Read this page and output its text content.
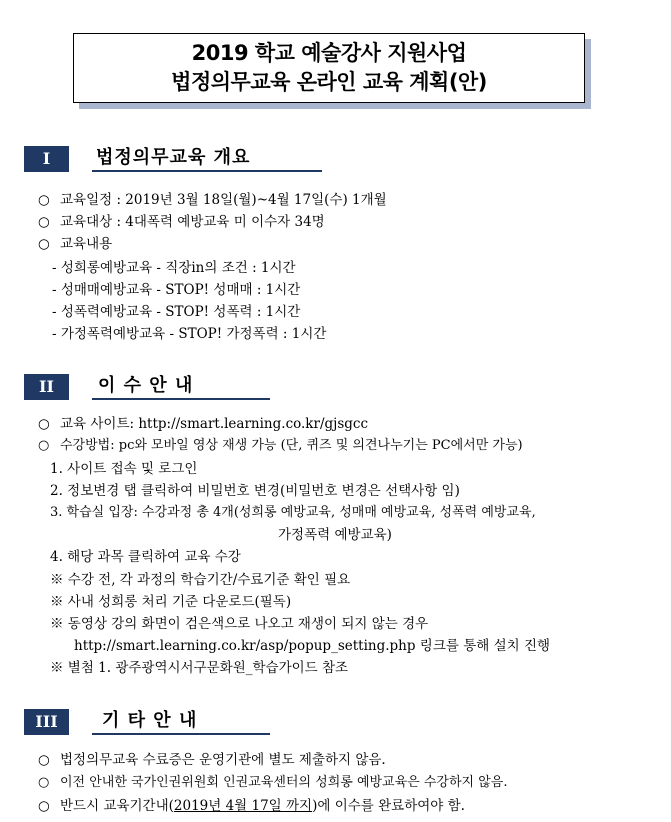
2019 학교 예술강사 지원사업
법정의무교육 온라인 교육 계획(안)
I	법정의무교육 개요
○ 교육일정 : 2019년 3월 18일(월)~4월 17일(수) 1개월
○ 교육대상 : 4대폭력 예방교육 미 이수자 34명
○ 교육내용
- 성희롱예방교육 - 직장in의 조건 : 1시간
- 성매매예방교육 - STOP! 성매매 : 1시간
- 성폭력예방교육 - STOP! 성폭력 : 1시간
- 가정폭력예방교육 - STOP! 가정폭력 : 1시간
II	이 수 안 내
○ 교육 사이트: http://smart.learning.co.kr/gjsgcc
○ 수강방법: pc와 모바일 영상 재생 가능 (단, 퀴즈 및 의견나누기는 PC에서만 가능)
1. 사이트 접속 및 로그인
2. 정보변경 탭 클릭하여 비밀번호 변경(비밀번호 변경은 선택사항 임)
3. 학습실 입장: 수강과정 총 4개(성희롱 예방교육, 성매매 예방교육, 성폭력 예방교육,
가정폭력 예방교육)
4. 해당 과목 클릭하여 교육 수강
※ 수강 전, 각 과정의 학습기간/수료기준 확인 필요
※ 사내 성희롱 처리 기준 다운로드(필독)
※ 동영상 강의 화면이 검은색으로 나오고 재생이 되지 않는 경우
http://smart.learning.co.kr/asp/popup_setting.php 링크를 통해 설치 진행
※ 별첨 1. 광주광역시서구문화원_학습가이드 참조
III	기 타 안 내
○ 법정의무교육 수료증은 운영기관에 별도 제출하지 않음.
○ 이전 안내한 국가인권위원회 인권교육센터의 성희롱 예방교육은 수강하지 않음.
○ 반드시 교육기간내(2019년 4월 17일 까지)에 이수를 완료하여야 함.
